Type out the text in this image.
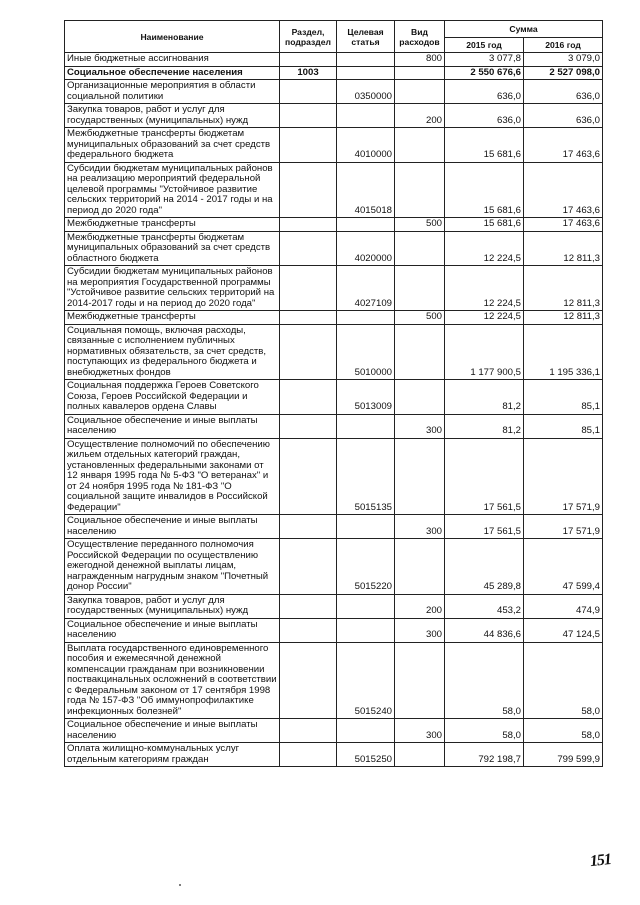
Наименование	Раздел, подраздел	Целевая статья	Вид расходов	Сумма	
				2015 год	2016 год
Иные бюджетные ассигнования			800	3 077,8	3 079,0
Социальное обеспечение населения	1003			2 550 676,6	2 527 098,0
Организационные мероприятия в области социальной политики		0350000		636,0	636,0
Закупка товаров, работ и услуг для государственных (муниципальных) нужд			200	636,0	636,0
Межбюджетные трансферты бюджетам муниципальных образований за счет средств федерального бюджета		4010000		15 681,6	17 463,6
Субсидии бюджетам муниципальных районов на реализацию мероприятий федеральной целевой программы "Устойчивое развитие сельских территорий на 2014 - 2017 годы и на период до 2020 года"		4015018		15 681,6	17 463,6
Межбюджетные трансферты			500	15 681,6	17 463,6
Межбюджетные трансферты бюджетам муниципальных образований за счет средств областного бюджета		4020000		12 224,5	12 811,3
Субсидии бюджетам муниципальных районов на мероприятия Государственной программы "Устойчивое развитие сельских территорий на 2014-2017 годы и на период до 2020 года"		4027109		12 224,5	12 811,3
Межбюджетные трансферты			500	12 224,5	12 811,3
Социальная помощь, включая расходы, связанные с исполнением публичных нормативных обязательств, за счет средств, поступающих из федерального бюджета и внебюджетных фондов		5010000		1 177 900,5	1 195 336,1
Социальная поддержка Героев Советского Союза, Героев Российской Федерации и полных кавалеров ордена Славы		5013009		81,2	85,1
Социальное обеспечение и иные выплаты населению			300	81,2	85,1
Осуществление полномочий по обеспечению жильем отдельных категорий граждан, установленных федеральными законами от 12 января 1995 года № 5-ФЗ "О ветеранах" и от 24 ноября 1995 года № 181-ФЗ "О социальной защите инвалидов в Российской Федерации"		5015135		17 561,5	17 571,9
Социальное обеспечение и иные выплаты населению			300	17 561,5	17 571,9
Осуществление переданного полномочия Российской Федерации по осуществлению ежегодной денежной выплаты лицам, награжденным нагрудным знаком "Почетный донор России"		5015220		45 289,8	47 599,4
Закупка товаров, работ и услуг для государственных (муниципальных) нужд			200	453,2	474,9
Социальное обеспечение и иные выплаты населению			300	44 836,6	47 124,5
Выплата государственного единовременного пособия и ежемесячной денежной компенсации гражданам при возникновении поствакцинальных осложнений в соответствии с Федеральным законом от 17 сентября 1998 года № 157-ФЗ "Об иммунопрофилактике инфекционных болезней"		5015240		58,0	58,0
Социальное обеспечение и иные выплаты населению			300	58,0	58,0
Оплата жилищно-коммунальных услуг отдельным категориям граждан		5015250		792 198,7	799 599,9
151
